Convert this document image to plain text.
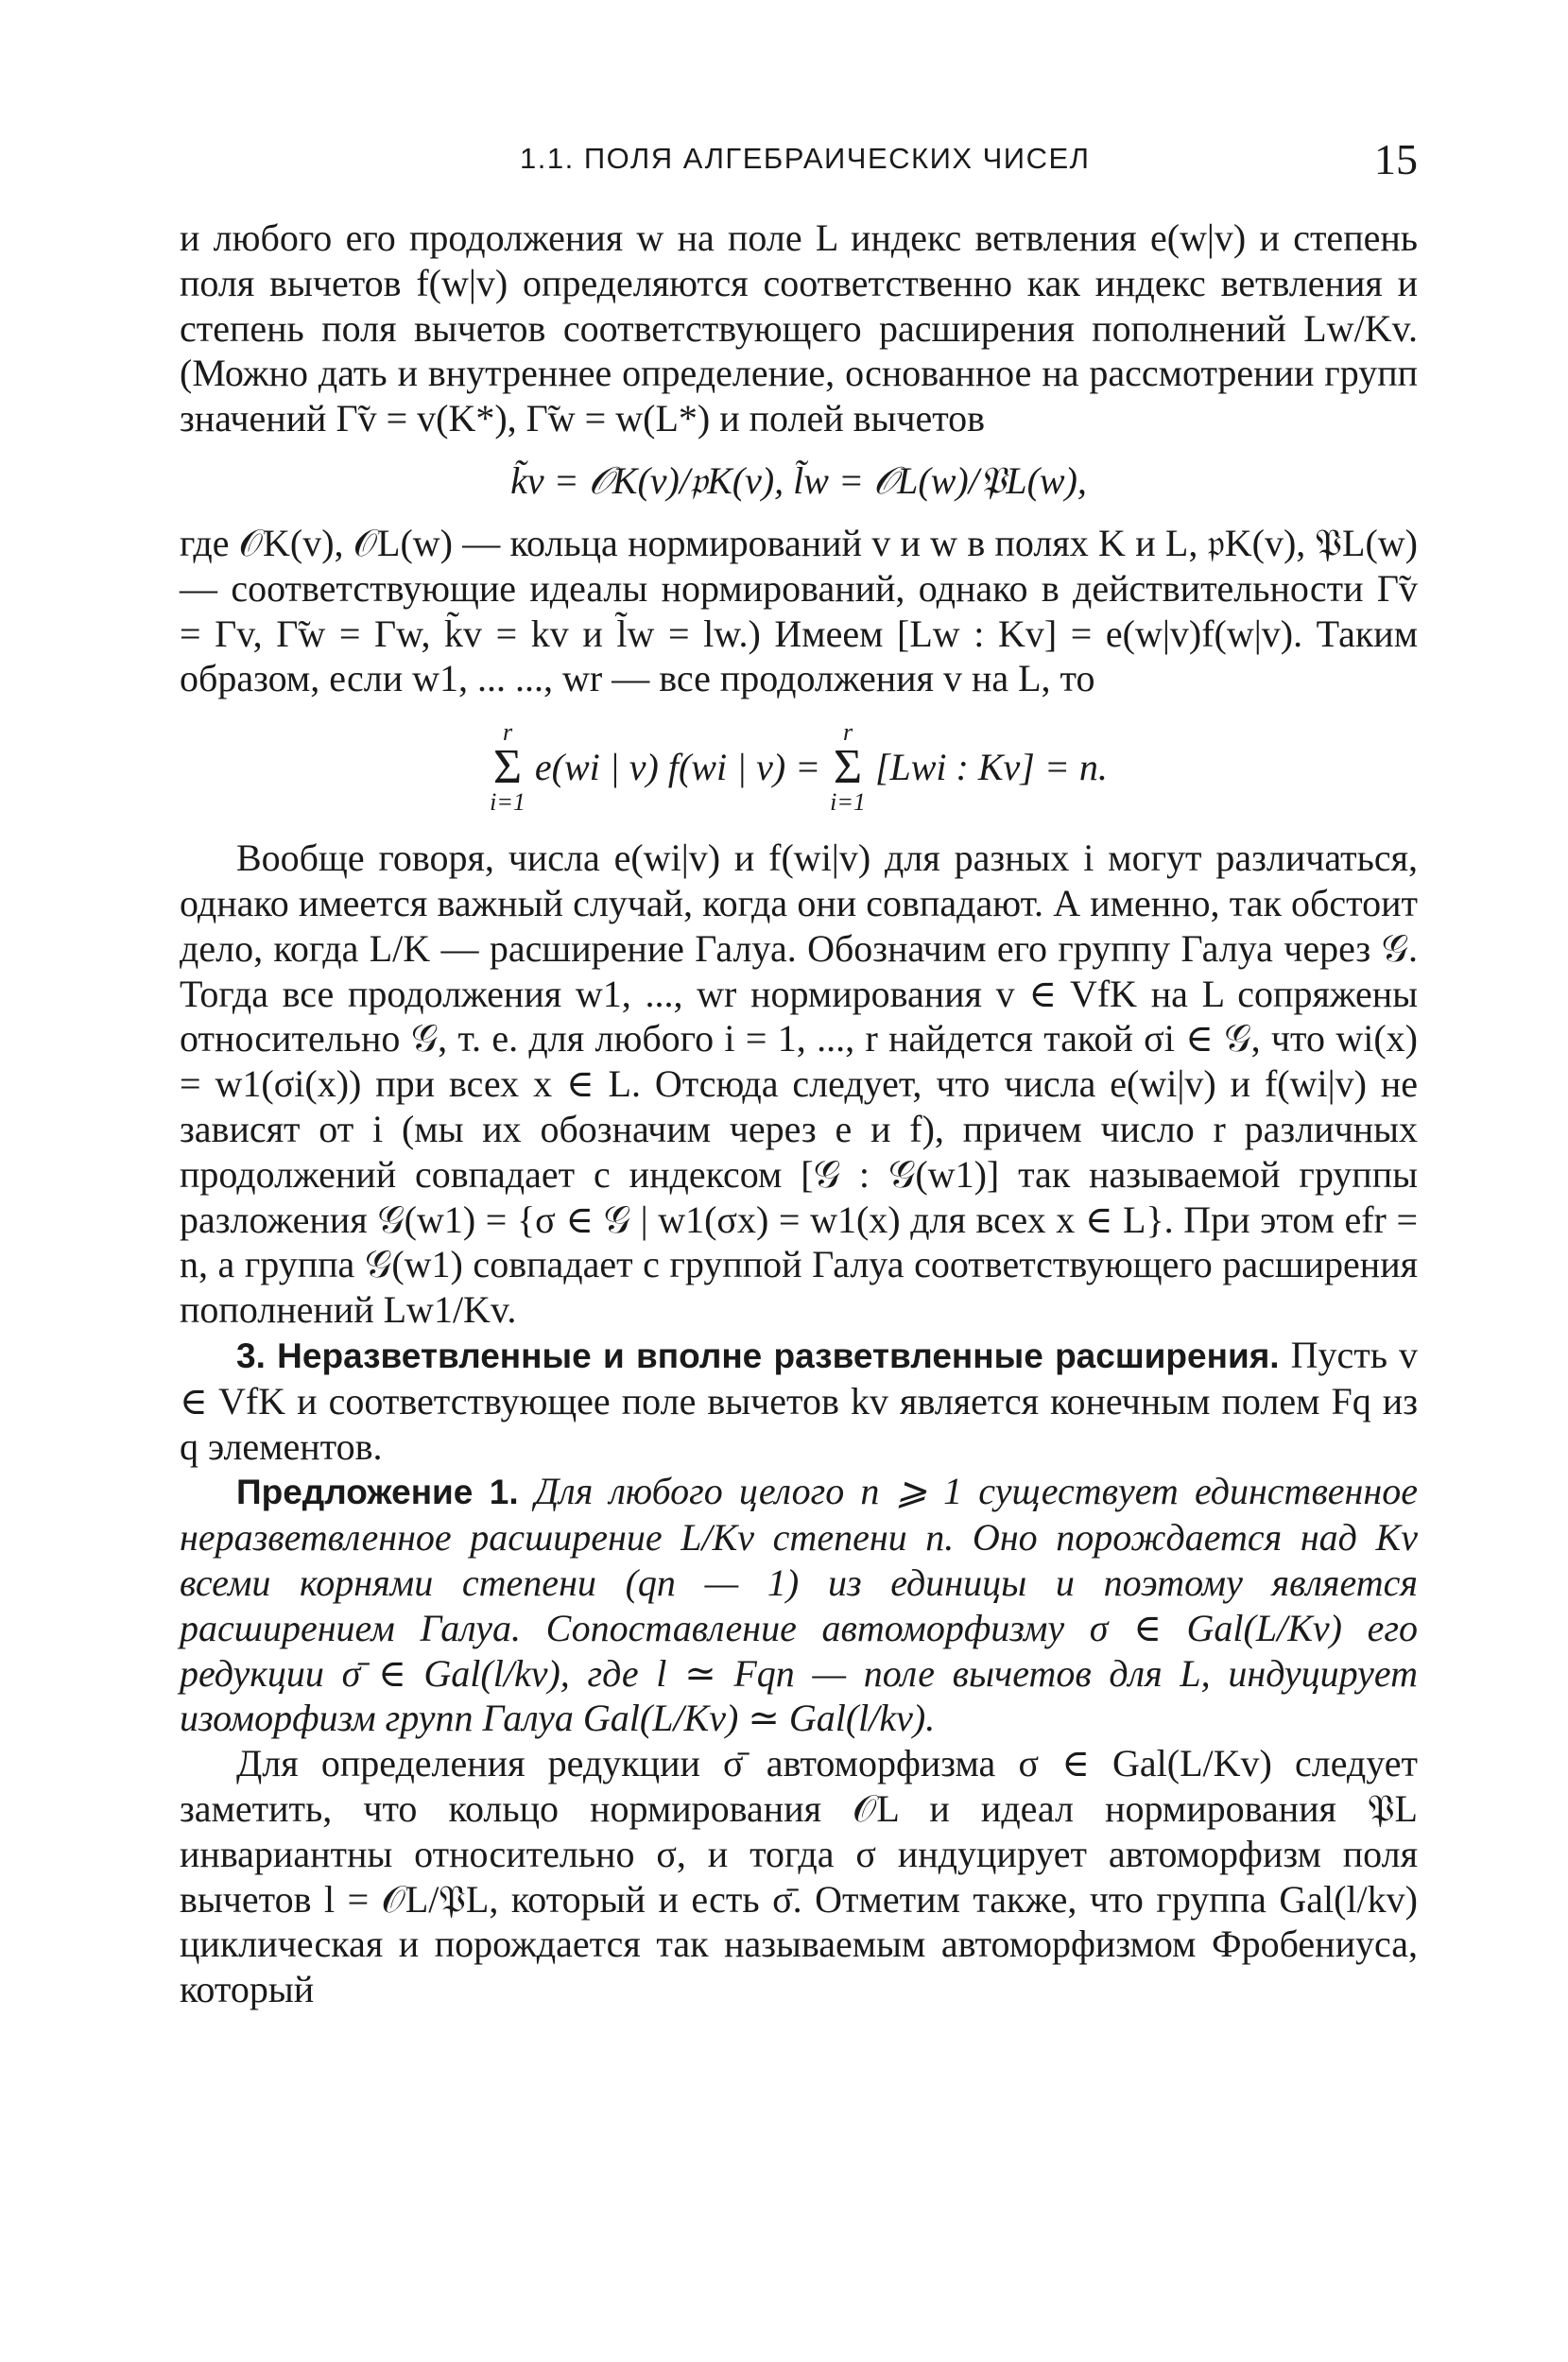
1.1. ПОЛЯ АЛГЕБРАИЧЕСКИХ ЧИСЕЛ	15

и любого его продолжения w на поле L индекс ветвления e(w|v) и степень поля вычетов f(w|v) определяются соответственно как индекс ветвления и степень поля вычетов соответствующего расширения пополнений Lw/Kv. (Можно дать и внутреннее определение, основанное на рассмотрении групп значений Γ̃v = v(K*), Γ̃w = w(L*) и полей вычетов

k̃v = 𝒪K(v)/𝔭K(v), l̃w = 𝒪L(w)/𝔓L(w),

где 𝒪K(v), 𝒪L(w) — кольца нормирований v и w в полях K и L, 𝔭K(v), 𝔓L(w) — соответствующие идеалы нормирований, однако в действительности Γ̃v = Γv, Γ̃w = Γw, k̃v = kv и l̃w = lw.) Имеем [Lw : Kv] = e(w|v)f(w|v). Таким образом, если w1, ... ..., wr — все продолжения v на L, то

r
Σ
i=1
e(wi | v) f(wi | v) =
r
Σ
i=1
[Lwi : Kv] = n.

Вообще говоря, числа e(wi|v) и f(wi|v) для разных i могут различаться, однако имеется важный случай, когда они совпадают. А именно, так обстоит дело, когда L/K — расширение Галуа. Обозначим его группу Галуа через 𝒢. Тогда все продолжения w1, ..., wr нормирования v ∈ VfK на L сопряжены относительно 𝒢, т. е. для любого i = 1, ..., r найдется такой σi ∈ 𝒢, что wi(x) = w1(σi(x)) при всех x ∈ L. Отсюда следует, что числа e(wi|v) и f(wi|v) не зависят от i (мы их обозначим через e и f), причем число r различных продолжений совпадает с индексом [𝒢 : 𝒢(w1)] так называемой группы разложения 𝒢(w1) = {σ ∈ 𝒢 | w1(σx) = w1(x) для всех x ∈ L}. При этом efr = n, а группа 𝒢(w1) совпадает с группой Галуа соответствующего расширения пополнений Lw1/Kv.

3. Неразветвленные и вполне разветвленные расширения. Пусть v ∈ VfK и соответствующее поле вычетов kv является конечным полем Fq из q элементов.

Предложение 1. Для любого целого n ⩾ 1 существует единственное неразветвленное расширение L/Kv степени n. Оно порождается над Kv всеми корнями степени (qn — 1) из единицы и поэтому является расширением Галуа. Сопоставление автоморфизму σ ∈ Gal(L/Kv) его редукции σ̄ ∈ Gal(l/kv), где l ≃ Fqn — поле вычетов для L, индуцирует изоморфизм групп Галуа Gal(L/Kv) ≃ Gal(l/kv).

Для определения редукции σ̄ автоморфизма σ ∈ Gal(L/Kv) следует заметить, что кольцо нормирования 𝒪L и идеал нормирования 𝔓L инвариантны относительно σ, и тогда σ индуцирует автоморфизм поля вычетов l = 𝒪L/𝔓L, который и есть σ̄. Отметим также, что группа Gal(l/kv) циклическая и порождается так называемым автоморфизмом Фробениуса, который
